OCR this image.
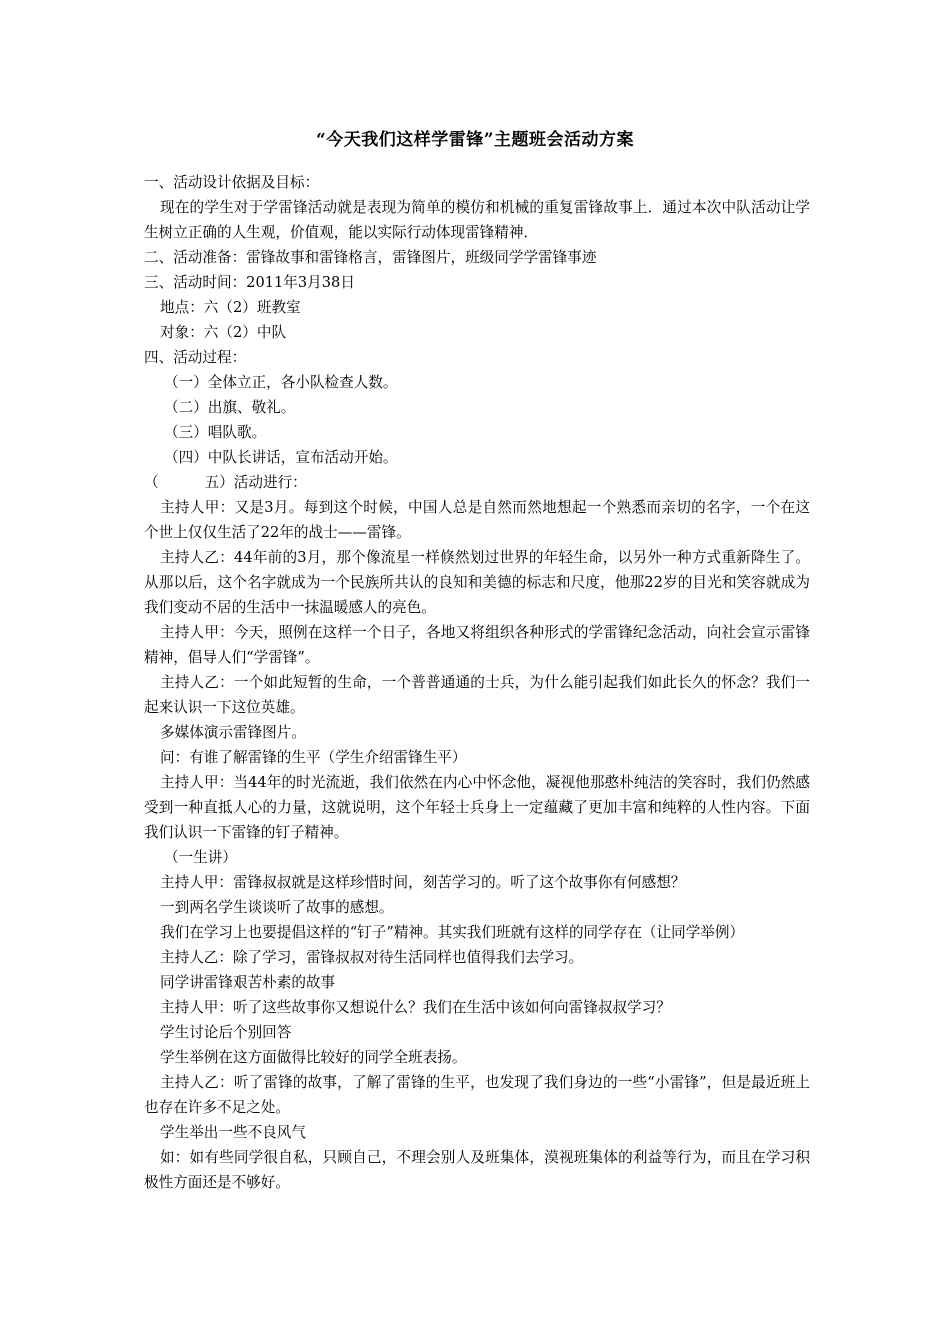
“今天我们这样学雷锋”主题班会活动方案

一、活动设计依据及目标：

现在的学生对于学雷锋活动就是表现为简单的模仿和机械的重复雷锋故事上．通过本次中队活动让学生树立正确的人生观，价值观，能以实际行动体现雷锋精神．

二、活动准备：雷锋故事和雷锋格言，雷锋图片，班级同学学雷锋事迹

三、活动时间：2011年3月38日

地点：六（2）班教室

对象：六（2）中队

四、活动过程：

（一）全体立正，各小队检查人数。

（二）出旗、敬礼。

（三）唱队歌。

（四）中队长讲话，宣布活动开始。

（	五）活动进行：

主持人甲：又是3月。每到这个时候，中国人总是自然而然地想起一个熟悉而亲切的名字，一个在这个世上仅仅生活了22年的战士——雷锋。

主持人乙：44年前的3月，那个像流星一样倏然划过世界的年轻生命，以另外一种方式重新降生了。从那以后，这个名字就成为一个民族所共认的良知和美德的标志和尺度，他那22岁的目光和笑容就成为我们变动不居的生活中一抹温暖感人的亮色。

主持人甲：今天，照例在这样一个日子，各地又将组织各种形式的学雷锋纪念活动，向社会宣示雷锋精神，倡导人们“学雷锋”。

主持人乙：一个如此短暂的生命，一个普普通通的士兵，为什么能引起我们如此长久的怀念？我们一起来认识一下这位英雄。

多媒体演示雷锋图片。

问：有谁了解雷锋的生平（学生介绍雷锋生平）

主持人甲：当44年的时光流逝，我们依然在内心中怀念他，凝视他那憨朴纯洁的笑容时，我们仍然感受到一种直抵人心的力量，这就说明，这个年轻士兵身上一定蕴藏了更加丰富和纯粹的人性内容。下面我们认识一下雷锋的钉子精神。

（一生讲）

主持人甲：雷锋叔叔就是这样珍惜时间，刻苦学习的。听了这个故事你有何感想？

一到两名学生谈谈听了故事的感想。

我们在学习上也要提倡这样的“钉子”精神。其实我们班就有这样的同学存在（让同学举例）

主持人乙：除了学习，雷锋叔叔对待生活同样也值得我们去学习。

同学讲雷锋艰苦朴素的故事

主持人甲：听了这些故事你又想说什么？我们在生活中该如何向雷锋叔叔学习？

学生讨论后个别回答

学生举例在这方面做得比较好的同学全班表扬。

主持人乙：听了雷锋的故事，了解了雷锋的生平，也发现了我们身边的一些“小雷锋”，但是最近班上也存在许多不足之处。

学生举出一些不良风气

如：如有些同学很自私，只顾自己，不理会别人及班集体，漠视班集体的利益等行为，而且在学习积极性方面还是不够好。
